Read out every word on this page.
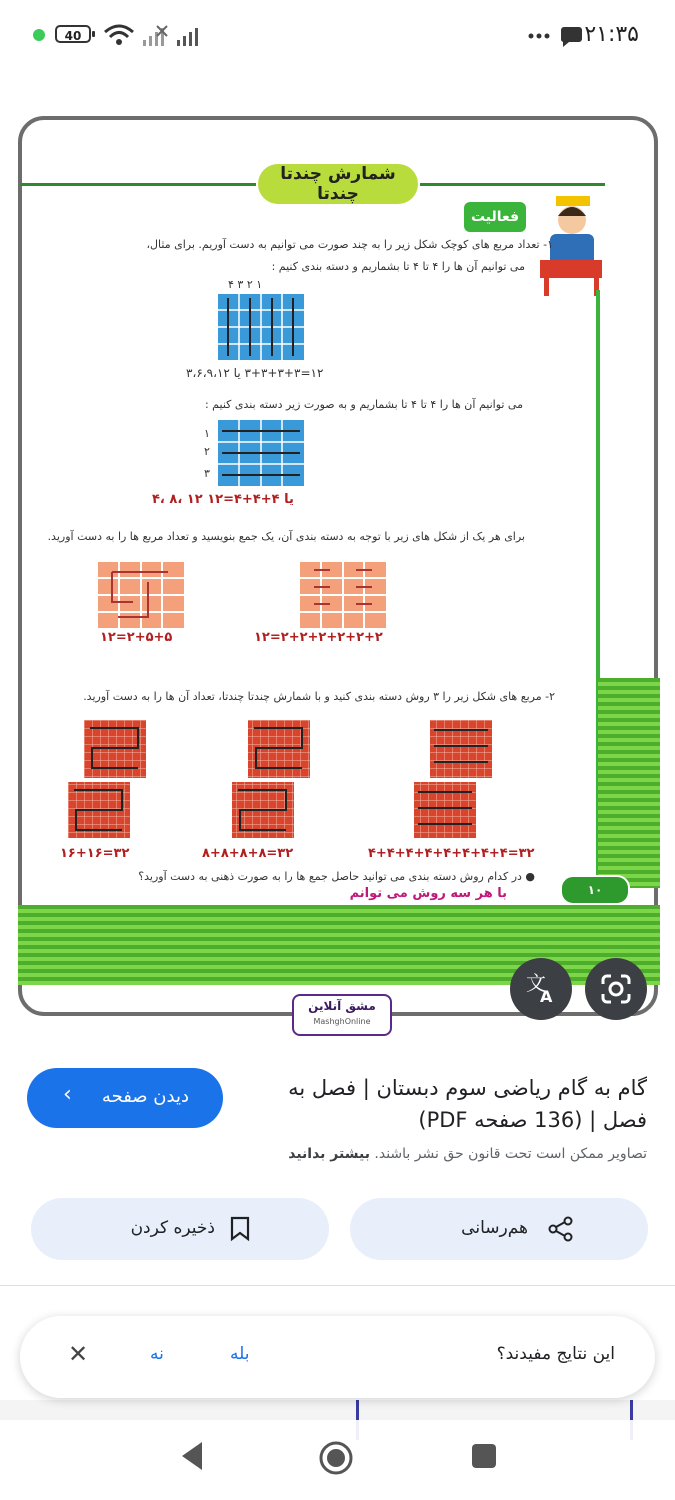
40	۲۱:۳۵
شمارش چندتا چندتا
فعالیت
۱- تعداد مربع های کوچک شکل زیر را به چند صورت می توانیم به دست آوریم. برای مثال،
می توانیم آن ها را ۴ تا ۴ تا بشماریم و دسته بندی کنیم :
۱ ۲ ۳ ۴
۱۲=۳+۳+۳+۳ یا ۳،۶،۹،۱۲
می توانیم آن ها را ۴ تا ۴ تا بشماریم و به صورت زیر دسته بندی کنیم :
۱
۲
۳
۴، ۸، ۱۲ یا ۴+۴+۴=۱۲
برای هر یک از شکل های زیر با توجه به دسته بندی آن، یک جمع بنویسید و تعداد مربع ها را به دست آورید.
۱۲=۲+۵+۵	۱۲=۲+۲+۲+۲+۲+۲
۲- مربع های شکل زیر را ۳ روش دسته بندی کنید و با شمارش چندتا چندتا، تعداد آن ها را به دست آورید.
۱۶+۱۶=۳۲	۸+۸+۸+۸=۳۲	۴+۴+۴+۴+۴+۴+۴+۴=۳۲
● در کدام روش دسته بندی می توانید حاصل جمع ها را به صورت ذهنی به دست آورید؟
با هر سه روش می توانم	۱۰
مشق آنلاین
MashghOnline
文
A
گام به گام ریاضی سوم دبستان | فصل به فصل | (136 صفحه PDF)
‹ دیدن صفحه
تصاویر ممکن است تحت قانون حق نشر باشند. بیشتر بدانید
هم‌رسانی
ذخیره کردن
این نتایج مفیدند؟
بله
نه
✕
